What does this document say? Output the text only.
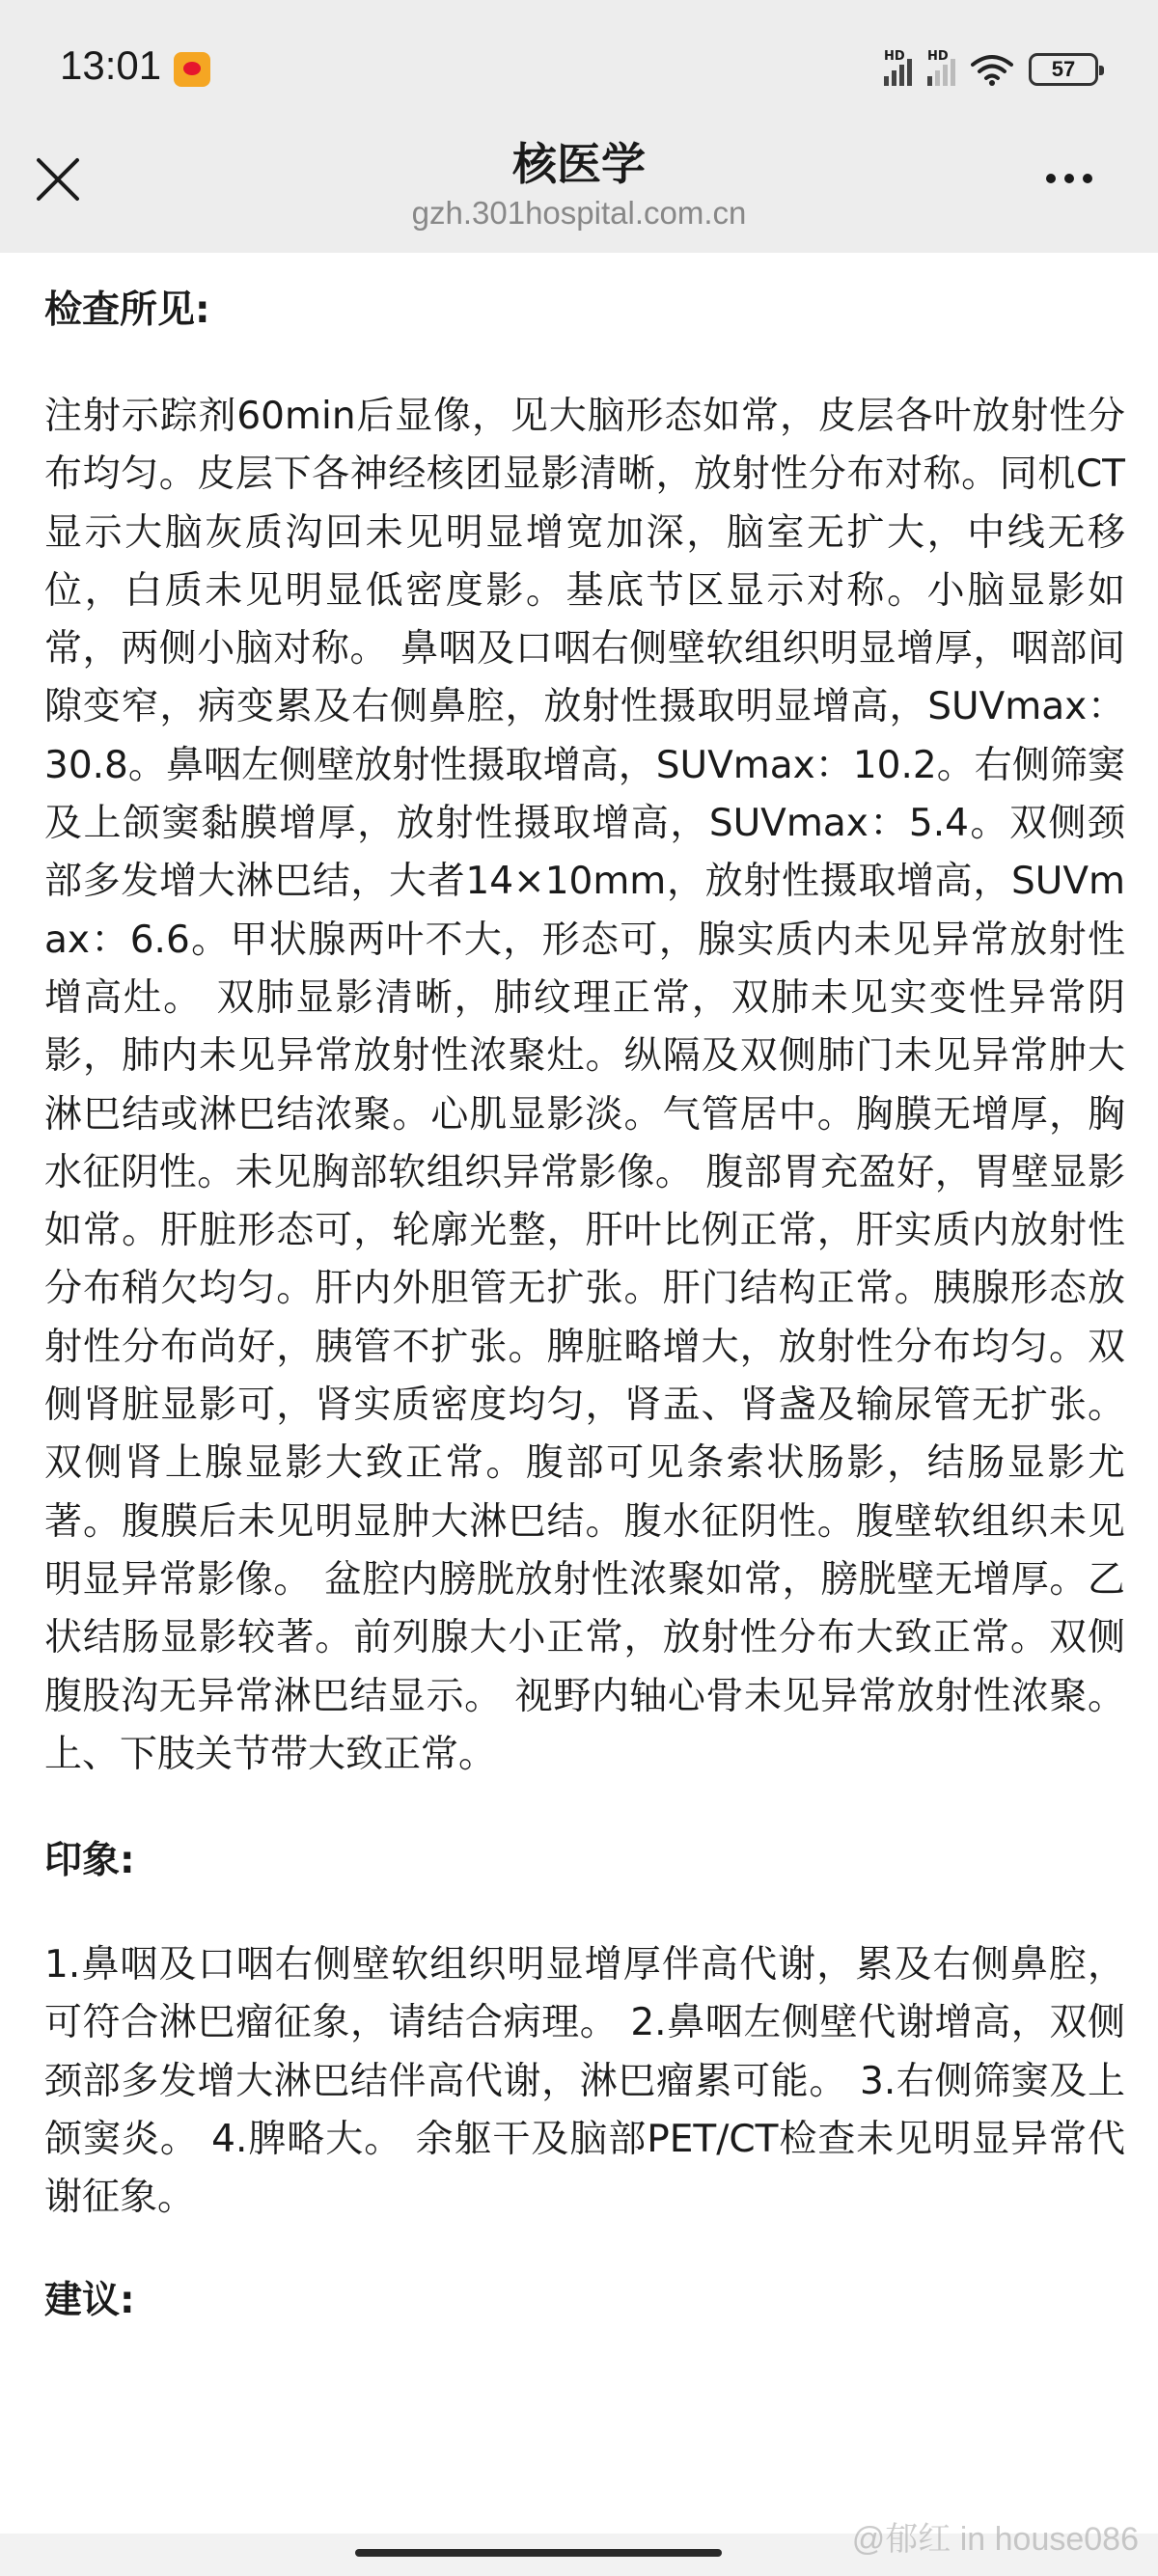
13:01	HD HD
57
核医学
gzh.301hospital.com.cn
检查所见:
注射示踪剂60min后显像，见大脑形态如常，皮层各叶放射性分布均匀。皮层下各神经核团显影清晰，放射性分布对称。同机CT显示大脑灰质沟回未见明显增宽加深，脑室无扩大，中线无移位，白质未见明显低密度影。基底节区显示对称。小脑显影如常，两侧小脑对称。 鼻咽及口咽右侧壁软组织明显增厚，咽部间隙变窄，病变累及右侧鼻腔，放射性摄取明显增高，SUVmax：30.8。鼻咽左侧壁放射性摄取增高，SUVmax：10.2。右侧筛窦及上颌窦黏膜增厚，放射性摄取增高，SUVmax：5.4。双侧颈部多发增大淋巴结，大者14×10mm，放射性摄取增高，SUVmax：6.6。甲状腺两叶不大，形态可，腺实质内未见异常放射性增高灶。 双肺显影清晰，肺纹理正常，双肺未见实变性异常阴影，肺内未见异常放射性浓聚灶。纵隔及双侧肺门未见异常肿大淋巴结或淋巴结浓聚。心肌显影淡。气管居中。胸膜无增厚，胸水征阴性。未见胸部软组织异常影像。 腹部胃充盈好，胃壁显影如常。肝脏形态可，轮廓光整，肝叶比例正常，肝实质内放射性分布稍欠均匀。肝内外胆管无扩张。肝门结构正常。胰腺形态放射性分布尚好，胰管不扩张。脾脏略增大，放射性分布均匀。双侧肾脏显影可，肾实质密度均匀，肾盂、肾盏及输尿管无扩张。双侧肾上腺显影大致正常。腹部可见条索状肠影，结肠显影尤著。腹膜后未见明显肿大淋巴结。腹水征阴性。腹壁软组织未见明显异常影像。 盆腔内膀胱放射性浓聚如常，膀胱壁无增厚。乙状结肠显影较著。前列腺大小正常，放射性分布大致正常。双侧腹股沟无异常淋巴结显示。 视野内轴心骨未见异常放射性浓聚。上、下肢关节带大致正常。
印象:
1.鼻咽及口咽右侧壁软组织明显增厚伴高代谢，累及右侧鼻腔，可符合淋巴瘤征象，请结合病理。 2.鼻咽左侧壁代谢增高，双侧颈部多发增大淋巴结伴高代谢，淋巴瘤累可能。 3.右侧筛窦及上颌窦炎。 4.脾略大。 余躯干及脑部PET/CT检查未见明显异常代谢征象。
建议:
@郁红 in house086
